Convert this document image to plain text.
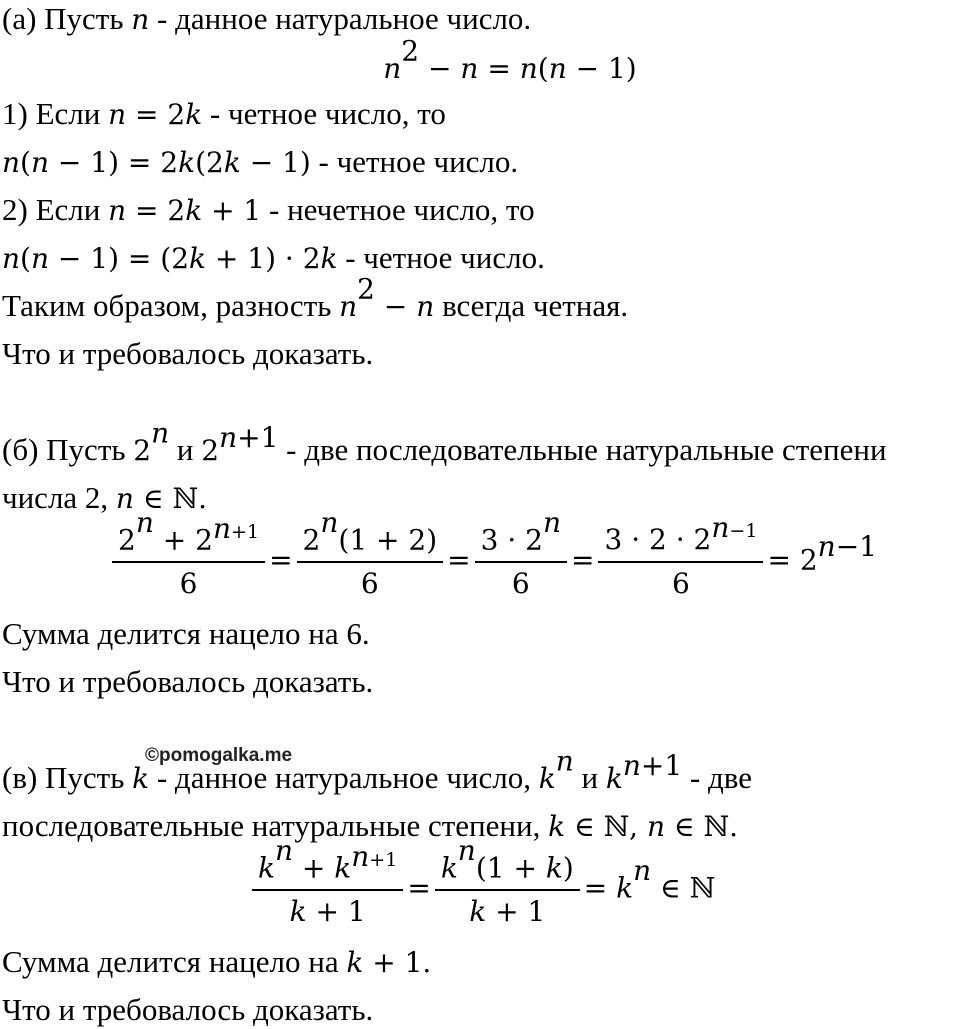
(а) Пусть n - данное натуральное число.
$n^2 - n = n(n - 1)$
1) Если n = 2k - четное число, то
n(n − 1) = 2k(2k − 1) - четное число.
2) Если n = 2k + 1 - нечетное число, то
n(n − 1) = (2k + 1) · 2k - четное число.
Таким образом, разность $n^2 - n$ всегда четная.
Что и требовалось доказать.
(б) Пусть 2$^n$ и $2^{n+1}$ - две последовательные натуральные степени
числа 2, n ∈ ℕ.
$\frac{2^n + 2^{n+1}}{6} = \frac{2^n(1 + 2)}{6} = \frac{3 \cdot 2^n}{6} = \frac{3 \cdot 2 \cdot 2^{n-1}}{6} = 2^{n-1}$
Сумма делится нацело на 6.
Что и требовалось доказать.
©pomogalka.me
(в) Пусть k - данное натуральное число, $k^n$ и $k^{n+1}$ - две
последовательные натуральные степени, k ∈ ℕ, n ∈ ℕ.
$\frac{k^n + k^{n+1}}{k + 1} = \frac{k^n(1 + k)}{k + 1} = k^n$ ∈ ℕ
Сумма делится нацело на k + 1.
Что и требовалось доказать.
